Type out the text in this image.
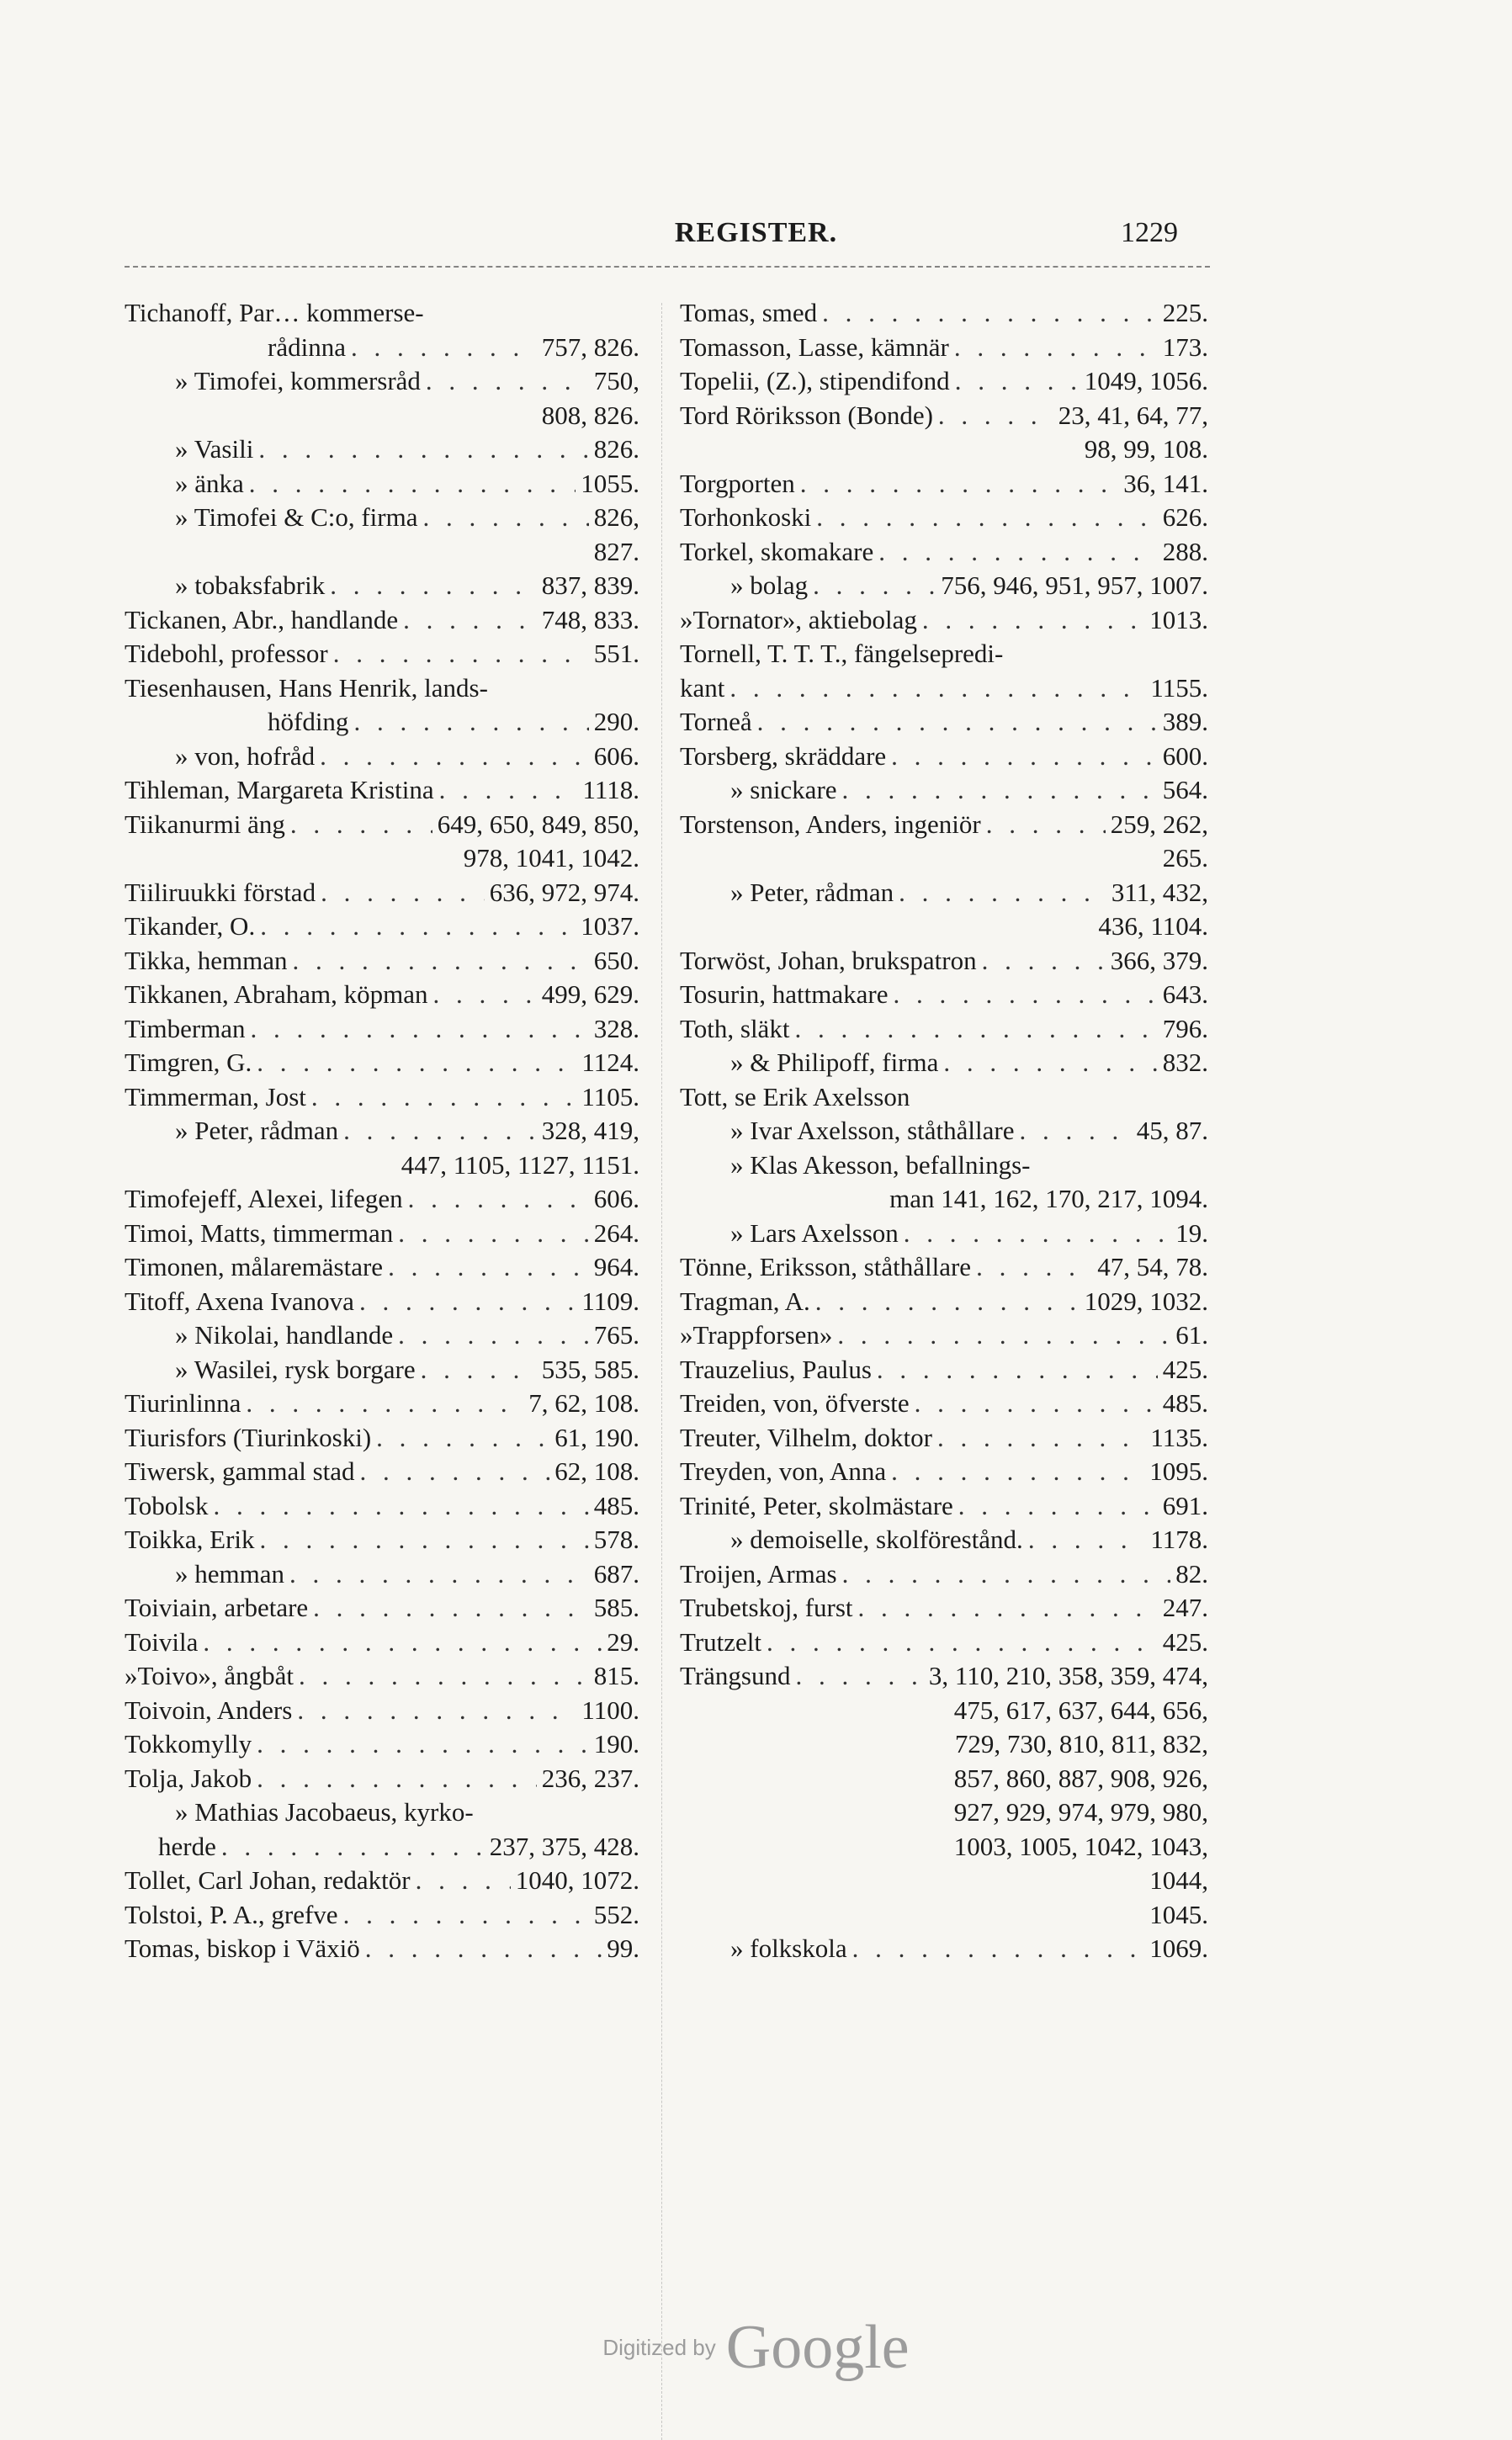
REGISTER.	1229
Tichanoff, Par… kommerse-
rådinna . . .	757, 826.
» Timofei, kommersråd . . .	750,
808, 826.
» Vasili . . .	826.
» änka . . .	1055.
» Timofei & C:o, firma . . .	826,
827.
» tobaksfabrik . . .	837, 839.
Tickanen, Abr., handlande . . .	748, 833.
Tidebohl, professor . . .	551.
Tiesenhausen, Hans Henrik, lands-
höfding . . .	290.
» von, hofråd . . .	606.
Tihleman, Margareta Kristina . . .	1118.
Tiikanurmi äng . . .	649, 650, 849, 850,
978, 1041, 1042.
Tiiliruukki förstad . . .	636, 972, 974.
Tikander, O. . . .	1037.
Tikka, hemman . . .	650.
Tikkanen, Abraham, köpman . . .	499, 629.
Timberman . . .	328.
Timgren, G. . . .	1124.
Timmerman, Jost . . .	1105.
» Peter, rådman . . .	328, 419,
447, 1105, 1127, 1151.
Timofejeff, Alexei, lifegen . . .	606.
Timoi, Matts, timmerman . . .	264.
Timonen, målaremästare . . .	964.
Titoff, Axena Ivanova . . .	1109.
» Nikolai, handlande . . .	765.
» Wasilei, rysk borgare . . .	535, 585.
Tiurinlinna . . .	7, 62, 108.
Tiurisfors (Tiurinkoski) . . .	61, 190.
Tiwersk, gammal stad . . .	62, 108.
Tobolsk . . .	485.
Toikka, Erik . . .	578.
» hemman . . .	687.
Toiviain, arbetare . . .	585.
Toivila . . .	29.
»Toivo», ångbåt . . .	815.
Toivoin, Anders . . .	1100.
Tokkomylly . . .	190.
Tolja, Jakob . . .	236, 237.
» Mathias Jacobaeus, kyrko-
herde . . .	237, 375, 428.
Tollet, Carl Johan, redaktör . . .	1040, 1072.
Tolstoi, P. A., grefve . . .	552.
Tomas, biskop i Växiö . . .	99.
Tomas, smed . . .	225.
Tomasson, Lasse, kämnär . . .	173.
Topelii, (Z.), stipendifond . . .	1049, 1056.
Tord Röriksson (Bonde) . . .	23, 41, 64, 77,
98, 99, 108.
Torgporten . . .	36, 141.
Torhonkoski . . .	626.
Torkel, skomakare . . .	288.
» bolag . . .	756, 946, 951, 957, 1007.
»Tornator», aktiebolag . . .	1013.
Tornell, T. T. T., fängelsepredi-
kant . . .	1155.
Torneå . . .	389.
Torsberg, skräddare . . .	600.
» snickare . . .	564.
Torstenson, Anders, ingeniör . . .	259, 262,
265.
» Peter, rådman . . .	311, 432,
436, 1104.
Torwöst, Johan, brukspatron . . .	366, 379.
Tosurin, hattmakare . . .	643.
Toth, släkt . . .	796.
» & Philipoff, firma . . .	832.
Tott, se Erik Axelsson
» Ivar Axelsson, ståthållare . . .	45, 87.
» Klas Akesson, befallnings-
man 141, 162, 170, 217, 1094.
» Lars Axelsson . . .	19.
Tönne, Eriksson, ståthållare . . .	47, 54, 78.
Tragman, A. . . .	1029, 1032.
»Trappforsen» . . .	61.
Trauzelius, Paulus . . .	425.
Treiden, von, öfverste . . .	485.
Treuter, Vilhelm, doktor . . .	1135.
Treyden, von, Anna . . .	1095.
Trinité, Peter, skolmästare . . .	691.
» demoiselle, skolförestånd. . . .	1178.
Troijen, Armas . . .	82.
Trubetskoj, furst . . .	247.
Trutzelt . . .	425.
Trängsund . . .	3, 110, 210, 358, 359, 474,
475, 617, 637, 644, 656,
729, 730, 810, 811, 832,
857, 860, 887, 908, 926,
927, 929, 974, 979, 980,
1003, 1005, 1042, 1043,
1044,
1045.
» folkskola . . .	1069.
Digitized by Google
